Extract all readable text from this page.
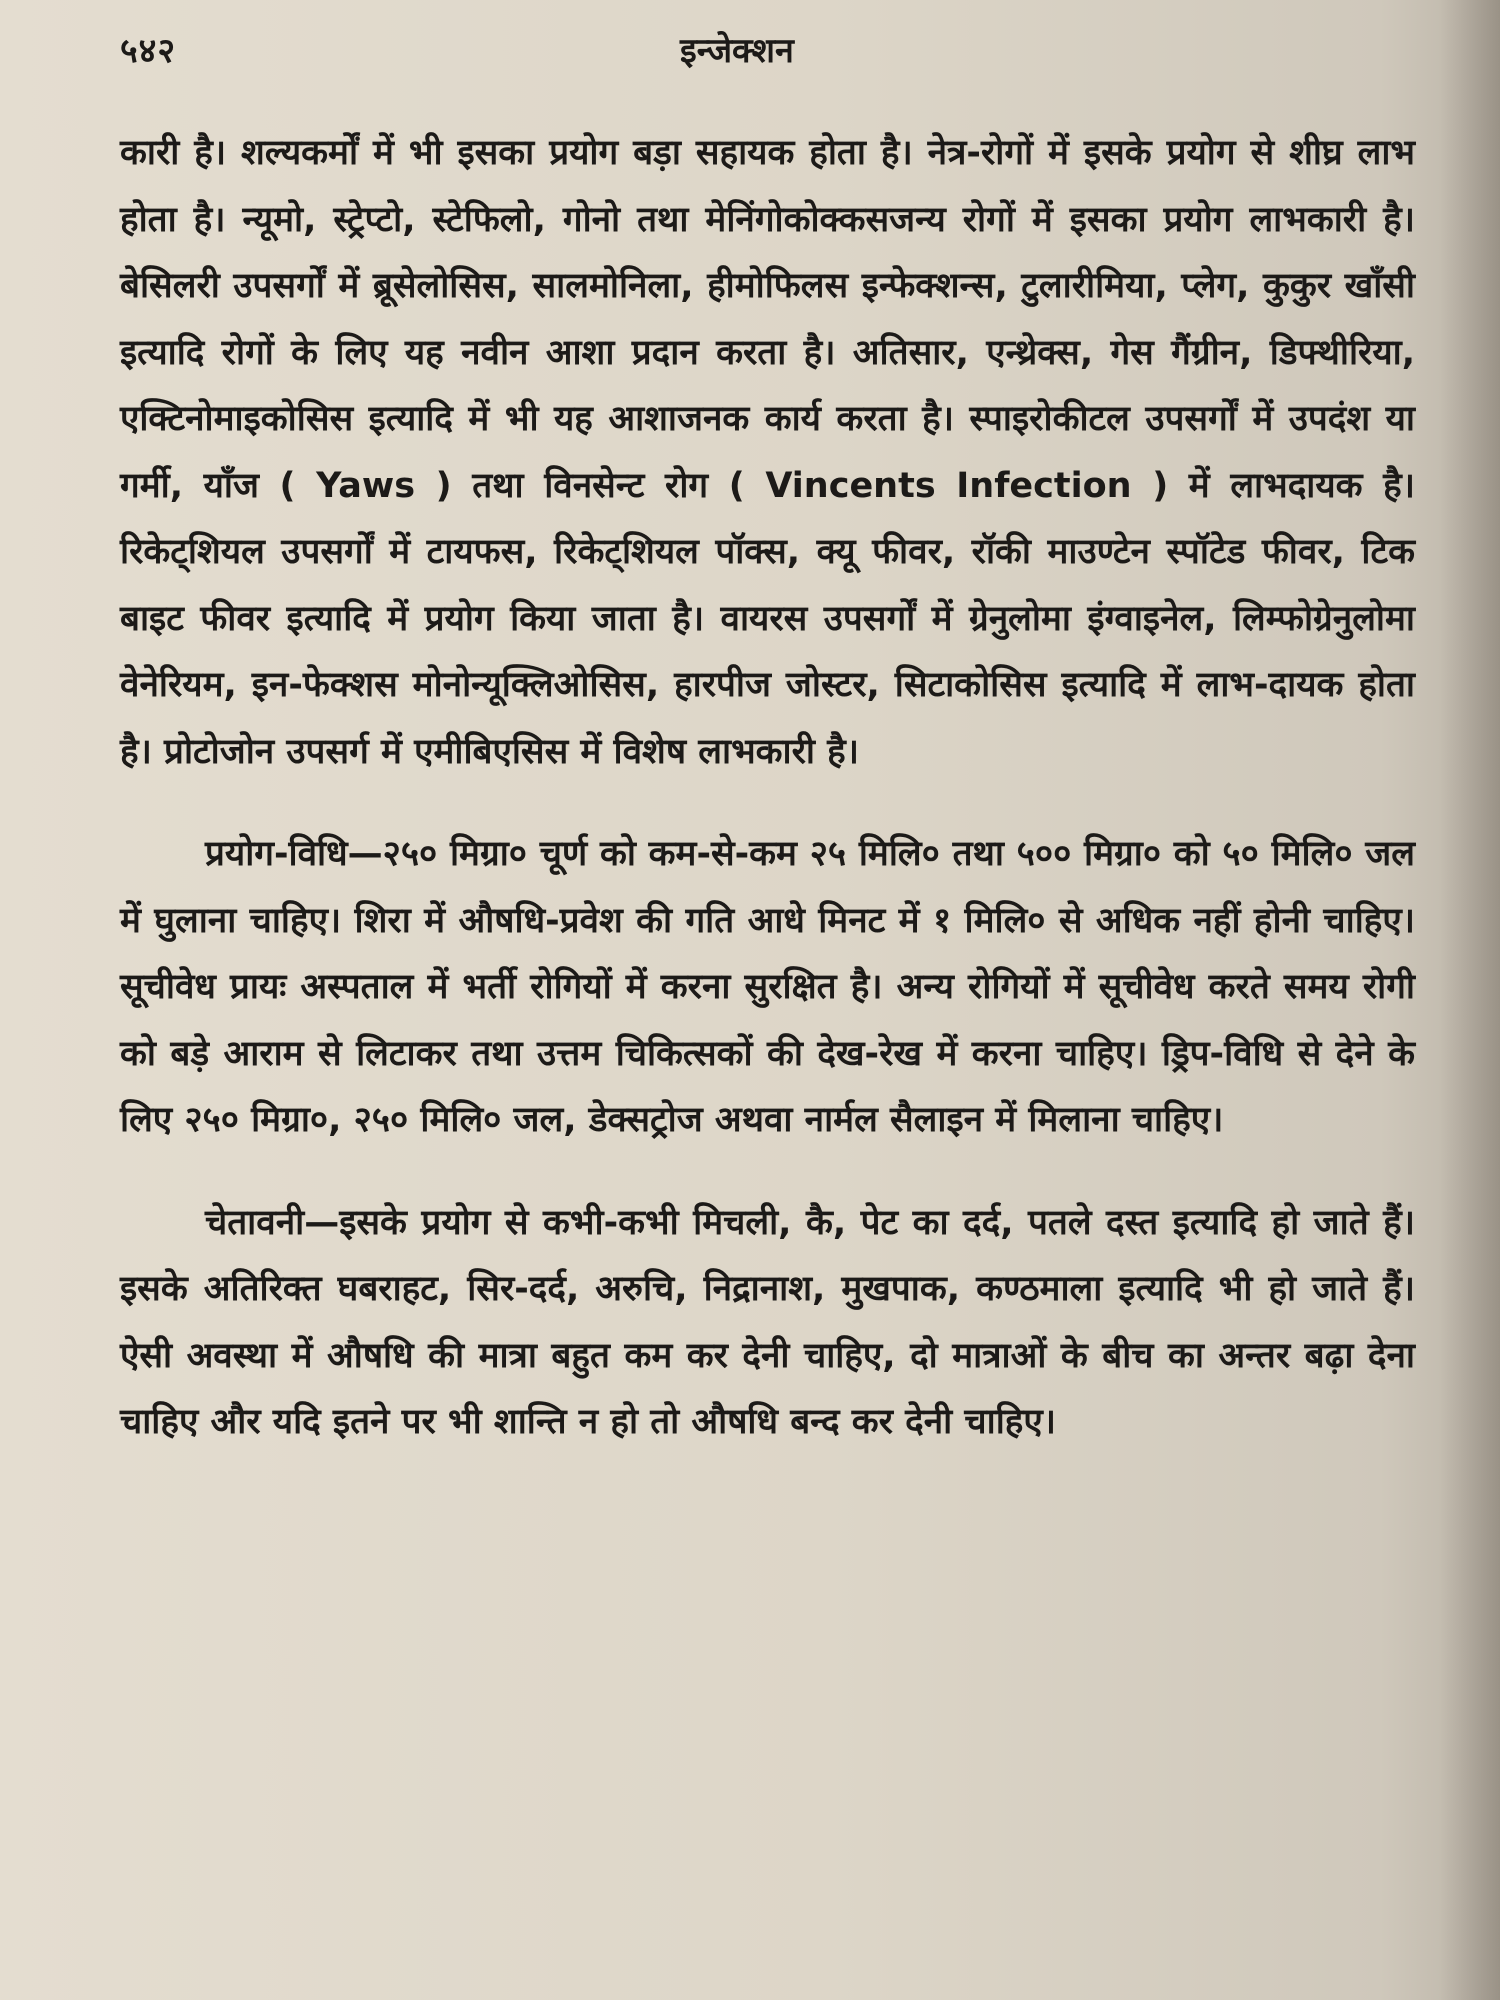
५४२	इन्जेक्शन

कारी है। शल्यकर्मों में भी इसका प्रयोग बड़ा सहायक होता है। नेत्र-रोगों में इसके प्रयोग से शीघ्र लाभ होता है। न्यूमो, स्ट्रेप्टो, स्टेफिलो, गोनो तथा मेनिंगोकोक्कसजन्य रोगों में इसका प्रयोग लाभकारी है। बेसिलरी उपसर्गों में ब्रूसेलोसिस, सालमोनिला, हीमोफिलस इन्फेक्शन्स, टुलारीमिया, प्लेग, कुकुर खाँसी इत्यादि रोगों के लिए यह नवीन आशा प्रदान करता है। अतिसार, एन्थ्रेक्स, गेस गैंग्रीन, डिफ्थीरिया, एक्टिनोमाइकोसिस इत्यादि में भी यह आशाजनक कार्य करता है। स्पाइरोकीटल उपसर्गों में उपदंश या गर्मी, याँज ( Yaws ) तथा विनसेन्ट रोग ( Vincents Infection ) में लाभदायक है। रिकेट्शियल उपसर्गों में टायफस, रिकेट्शियल पॉक्स, क्यू फीवर, रॉकी माउण्टेन स्पॉटेड फीवर, टिक बाइट फीवर इत्यादि में प्रयोग किया जाता है। वायरस उपसर्गों में ग्रेनुलोमा इंग्वाइनेल, लिम्फोग्रेनुलोमा वेनेरियम, इन-फेक्शस मोनोन्यूक्लिओसिस, हारपीज जोस्टर, सिटाकोसिस इत्यादि में लाभ-दायक होता है। प्रोटोजोन उपसर्ग में एमीबिएसिस में विशेष लाभकारी है।

प्रयोग-विधि—२५० मिग्रा० चूर्ण को कम-से-कम २५ मिलि० तथा ५०० मिग्रा० को ५० मिलि० जल में घुलाना चाहिए। शिरा में औषधि-प्रवेश की गति आधे मिनट में १ मिलि० से अधिक नहीं होनी चाहिए। सूचीवेध प्रायः अस्पताल में भर्ती रोगियों में करना सुरक्षित है। अन्य रोगियों में सूचीवेध करते समय रोगी को बड़े आराम से लिटाकर तथा उत्तम चिकित्सकों की देख-रेख में करना चाहिए। ड्रिप-विधि से देने के लिए २५० मिग्रा०, २५० मिलि० जल, डेक्सट्रोज अथवा नार्मल सैलाइन में मिलाना चाहिए।

चेतावनी—इसके प्रयोग से कभी-कभी मिचली, कै, पेट का दर्द, पतले दस्त इत्यादि हो जाते हैं। इसके अतिरिक्त घबराहट, सिर-दर्द, अरुचि, निद्रानाश, मुखपाक, कण्ठमाला इत्यादि भी हो जाते हैं। ऐसी अवस्था में औषधि की मात्रा बहुत कम कर देनी चाहिए, दो मात्राओं के बीच का अन्तर बढ़ा देना चाहिए और यदि इतने पर भी शान्ति न हो तो औषधि बन्द कर देनी चाहिए।
